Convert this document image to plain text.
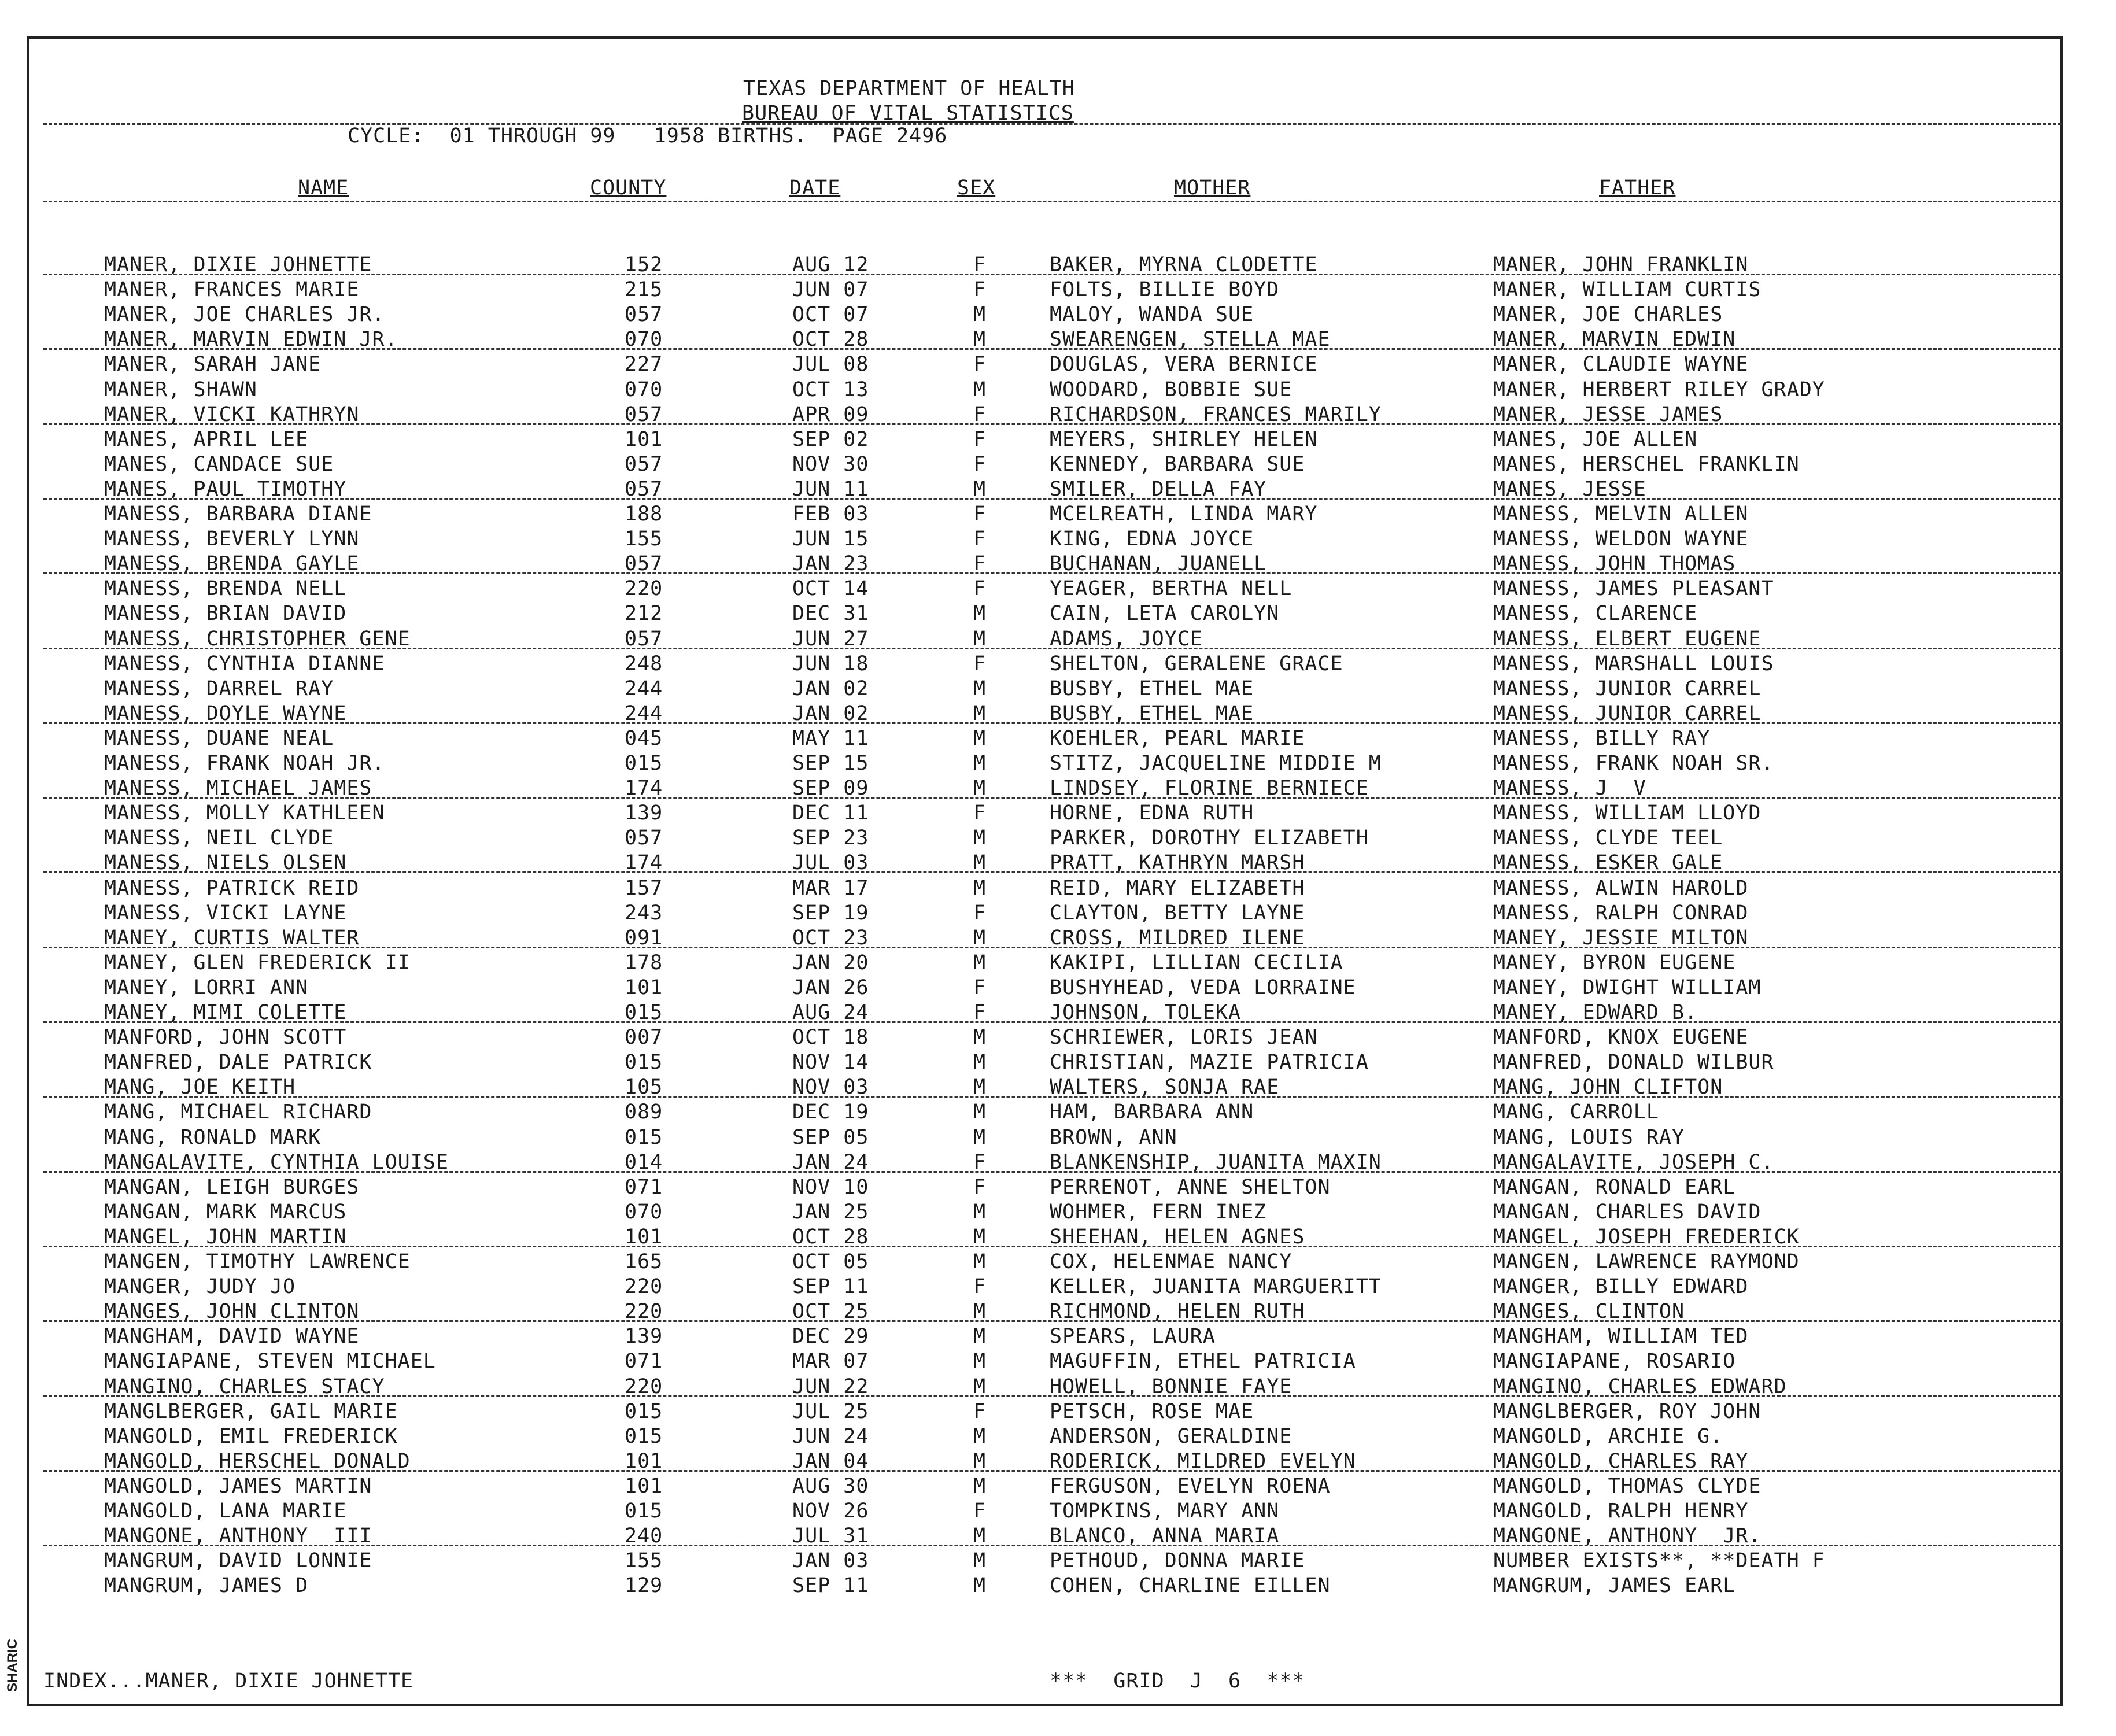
SHARIC
TEXAS DEPARTMENT OF HEALTH
BUREAU OF VITAL STATISTICS
CYCLE:  01 THROUGH 99   1958 BIRTHS.  PAGE 2496
NAME	COUNTY	DATE	SEX	MOTHER	FATHER
MANER, DIXIE JOHNETTE	152	AUG 12	F	BAKER, MYRNA CLODETTE	MANER, JOHN FRANKLIN
MANER, FRANCES MARIE	215	JUN 07	F	FOLTS, BILLIE BOYD	MANER, WILLIAM CURTIS
MANER, JOE CHARLES JR.	057	OCT 07	M	MALOY, WANDA SUE	MANER, JOE CHARLES
MANER, MARVIN EDWIN JR.	070	OCT 28	M	SWEARENGEN, STELLA MAE	MANER, MARVIN EDWIN
MANER, SARAH JANE	227	JUL 08	F	DOUGLAS, VERA BERNICE	MANER, CLAUDIE WAYNE
MANER, SHAWN	070	OCT 13	M	WOODARD, BOBBIE SUE	MANER, HERBERT RILEY GRADY
MANER, VICKI KATHRYN	057	APR 09	F	RICHARDSON, FRANCES MARILY	MANER, JESSE JAMES
MANES, APRIL LEE	101	SEP 02	F	MEYERS, SHIRLEY HELEN	MANES, JOE ALLEN
MANES, CANDACE SUE	057	NOV 30	F	KENNEDY, BARBARA SUE	MANES, HERSCHEL FRANKLIN
MANES, PAUL TIMOTHY	057	JUN 11	M	SMILER, DELLA FAY	MANES, JESSE
MANESS, BARBARA DIANE	188	FEB 03	F	MCELREATH, LINDA MARY	MANESS, MELVIN ALLEN
MANESS, BEVERLY LYNN	155	JUN 15	F	KING, EDNA JOYCE	MANESS, WELDON WAYNE
MANESS, BRENDA GAYLE	057	JAN 23	F	BUCHANAN, JUANELL	MANESS, JOHN THOMAS
MANESS, BRENDA NELL	220	OCT 14	F	YEAGER, BERTHA NELL	MANESS, JAMES PLEASANT
MANESS, BRIAN DAVID	212	DEC 31	M	CAIN, LETA CAROLYN	MANESS, CLARENCE
MANESS, CHRISTOPHER GENE	057	JUN 27	M	ADAMS, JOYCE	MANESS, ELBERT EUGENE
MANESS, CYNTHIA DIANNE	248	JUN 18	F	SHELTON, GERALENE GRACE	MANESS, MARSHALL LOUIS
MANESS, DARREL RAY	244	JAN 02	M	BUSBY, ETHEL MAE	MANESS, JUNIOR CARREL
MANESS, DOYLE WAYNE	244	JAN 02	M	BUSBY, ETHEL MAE	MANESS, JUNIOR CARREL
MANESS, DUANE NEAL	045	MAY 11	M	KOEHLER, PEARL MARIE	MANESS, BILLY RAY
MANESS, FRANK NOAH JR.	015	SEP 15	M	STITZ, JACQUELINE MIDDIE M	MANESS, FRANK NOAH SR.
MANESS, MICHAEL JAMES	174	SEP 09	M	LINDSEY, FLORINE BERNIECE	MANESS, J  V
MANESS, MOLLY KATHLEEN	139	DEC 11	F	HORNE, EDNA RUTH	MANESS, WILLIAM LLOYD
MANESS, NEIL CLYDE	057	SEP 23	M	PARKER, DOROTHY ELIZABETH	MANESS, CLYDE TEEL
MANESS, NIELS OLSEN	174	JUL 03	M	PRATT, KATHRYN MARSH	MANESS, ESKER GALE
MANESS, PATRICK REID	157	MAR 17	M	REID, MARY ELIZABETH	MANESS, ALWIN HAROLD
MANESS, VICKI LAYNE	243	SEP 19	F	CLAYTON, BETTY LAYNE	MANESS, RALPH CONRAD
MANEY, CURTIS WALTER	091	OCT 23	M	CROSS, MILDRED ILENE	MANEY, JESSIE MILTON
MANEY, GLEN FREDERICK II	178	JAN 20	M	KAKIPI, LILLIAN CECILIA	MANEY, BYRON EUGENE
MANEY, LORRI ANN	101	JAN 26	F	BUSHYHEAD, VEDA LORRAINE	MANEY, DWIGHT WILLIAM
MANEY, MIMI COLETTE	015	AUG 24	F	JOHNSON, TOLEKA	MANEY, EDWARD B.
MANFORD, JOHN SCOTT	007	OCT 18	M	SCHRIEWER, LORIS JEAN	MANFORD, KNOX EUGENE
MANFRED, DALE PATRICK	015	NOV 14	M	CHRISTIAN, MAZIE PATRICIA	MANFRED, DONALD WILBUR
MANG, JOE KEITH	105	NOV 03	M	WALTERS, SONJA RAE	MANG, JOHN CLIFTON
MANG, MICHAEL RICHARD	089	DEC 19	M	HAM, BARBARA ANN	MANG, CARROLL
MANG, RONALD MARK	015	SEP 05	M	BROWN, ANN	MANG, LOUIS RAY
MANGALAVITE, CYNTHIA LOUISE	014	JAN 24	F	BLANKENSHIP, JUANITA MAXIN	MANGALAVITE, JOSEPH C.
MANGAN, LEIGH BURGES	071	NOV 10	F	PERRENOT, ANNE SHELTON	MANGAN, RONALD EARL
MANGAN, MARK MARCUS	070	JAN 25	M	WOHMER, FERN INEZ	MANGAN, CHARLES DAVID
MANGEL, JOHN MARTIN	101	OCT 28	M	SHEEHAN, HELEN AGNES	MANGEL, JOSEPH FREDERICK
MANGEN, TIMOTHY LAWRENCE	165	OCT 05	M	COX, HELENMAE NANCY	MANGEN, LAWRENCE RAYMOND
MANGER, JUDY JO	220	SEP 11	F	KELLER, JUANITA MARGUERITT	MANGER, BILLY EDWARD
MANGES, JOHN CLINTON	220	OCT 25	M	RICHMOND, HELEN RUTH	MANGES, CLINTON
MANGHAM, DAVID WAYNE	139	DEC 29	M	SPEARS, LAURA	MANGHAM, WILLIAM TED
MANGIAPANE, STEVEN MICHAEL	071	MAR 07	M	MAGUFFIN, ETHEL PATRICIA	MANGIAPANE, ROSARIO
MANGINO, CHARLES STACY	220	JUN 22	M	HOWELL, BONNIE FAYE	MANGINO, CHARLES EDWARD
MANGLBERGER, GAIL MARIE	015	JUL 25	F	PETSCH, ROSE MAE	MANGLBERGER, ROY JOHN
MANGOLD, EMIL FREDERICK	015	JUN 24	M	ANDERSON, GERALDINE	MANGOLD, ARCHIE G.
MANGOLD, HERSCHEL DONALD	101	JAN 04	M	RODERICK, MILDRED EVELYN	MANGOLD, CHARLES RAY
MANGOLD, JAMES MARTIN	101	AUG 30	M	FERGUSON, EVELYN ROENA	MANGOLD, THOMAS CLYDE
MANGOLD, LANA MARIE	015	NOV 26	F	TOMPKINS, MARY ANN	MANGOLD, RALPH HENRY
MANGONE, ANTHONY  III	240	JUL 31	M	BLANCO, ANNA MARIA	MANGONE, ANTHONY  JR.
MANGRUM, DAVID LONNIE	155	JAN 03	M	PETHOUD, DONNA MARIE	NUMBER EXISTS**, **DEATH F
MANGRUM, JAMES D	129	SEP 11	M	COHEN, CHARLINE EILLEN	MANGRUM, JAMES EARL
INDEX...MANER, DIXIE JOHNETTE	***  GRID  J  6  ***
